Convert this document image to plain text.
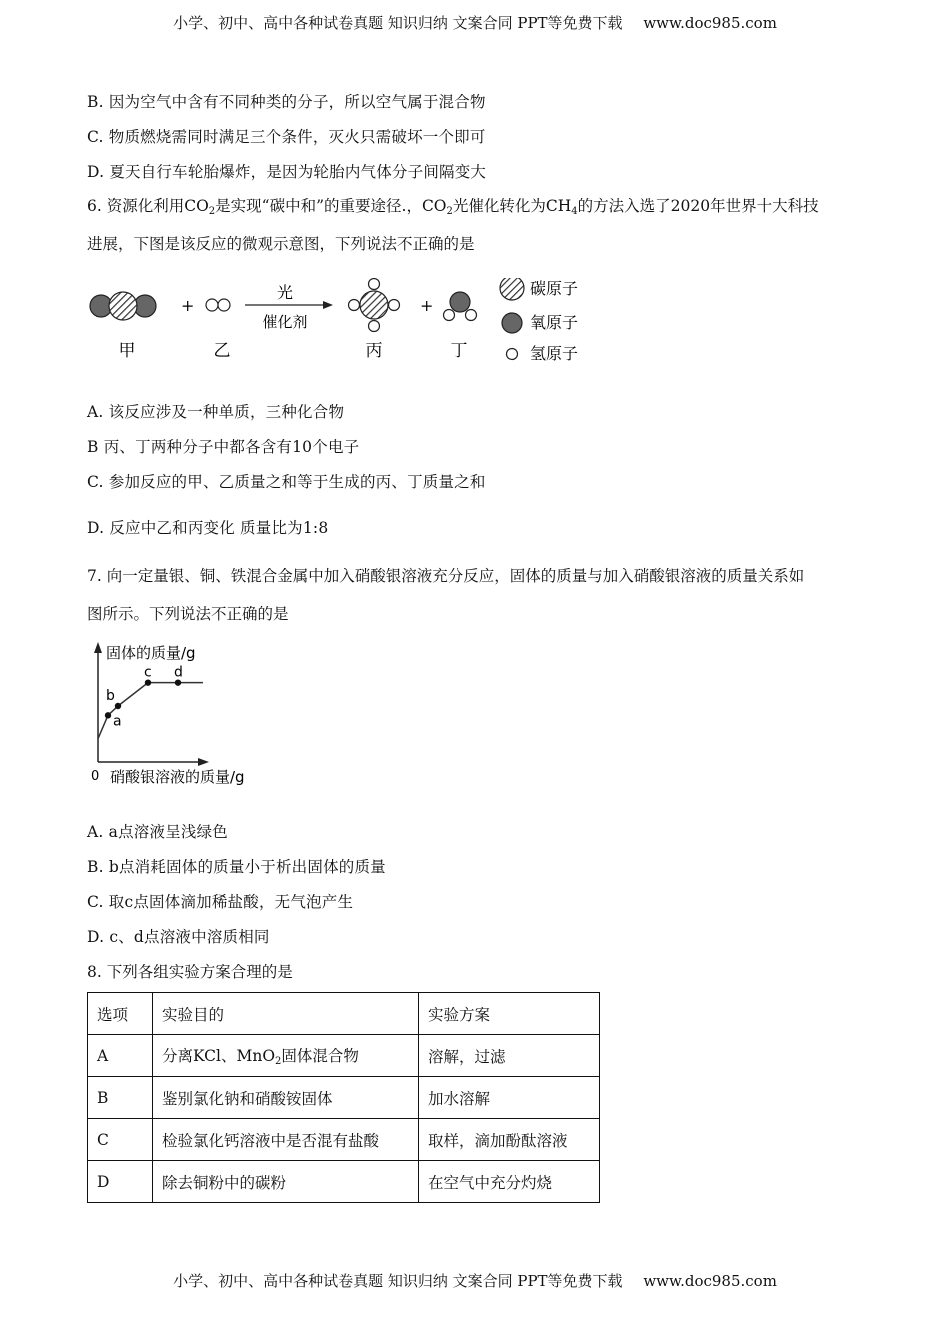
小学、初中、高中各种试卷真题 知识归纳 文案合同 PPT等免费下载 www.doc985.com
B. 因为空气中含有不同种类的分子，所以空气属于混合物
C. 物质燃烧需同时满足三个条件，灭火只需破坏一个即可
D. 夏天自行车轮胎爆炸，是因为轮胎内气体分子间隔变大
6. 资源化利用$CO_2$是实现“碳中和”的重要途径.，$CO_2$光催化转化为$CH_4$的方法入选了2020年世界十大科技
进展，下图是该反应的微观示意图，下列说法不正确的是
+
光
催化剂
+
碳原子
氧原子
氢原子
甲	乙	丙	丁
A. 该反应涉及一种单质，三种化合物
B 丙、丁两种分子中都各含有10个电子
C. 参加反应的甲、乙质量之和等于生成的丙、丁质量之和
D. 反应中乙和丙变化 质量比为1:8
7. 向一定量银、铜、铁混合金属中加入硝酸银溶液充分反应，固体的质量与加入硝酸银溶液的质量关系如
图所示。下列说法不正确的是
固体的质量/g
硝酸银溶液的质量/g
0
a
b
c d
A. a点溶液呈浅绿色
B. b点消耗固体的质量小于析出固体的质量
C. 取c点固体滴加稀盐酸，无气泡产生
D. c、d点溶液中溶质相同
8. 下列各组实验方案合理的是
选项	实验目的	实验方案
A	分离KCl、MnO$_2$固体混合物	溶解，过滤
B	鉴别氯化钠和硝酸铵固体	加水溶解
C	检验氯化钙溶液中是否混有盐酸	取样，滴加酚酞溶液
D	除去铜粉中的碳粉	在空气中充分灼烧
小学、初中、高中各种试卷真题 知识归纳 文案合同 PPT等免费下载 www.doc985.com
